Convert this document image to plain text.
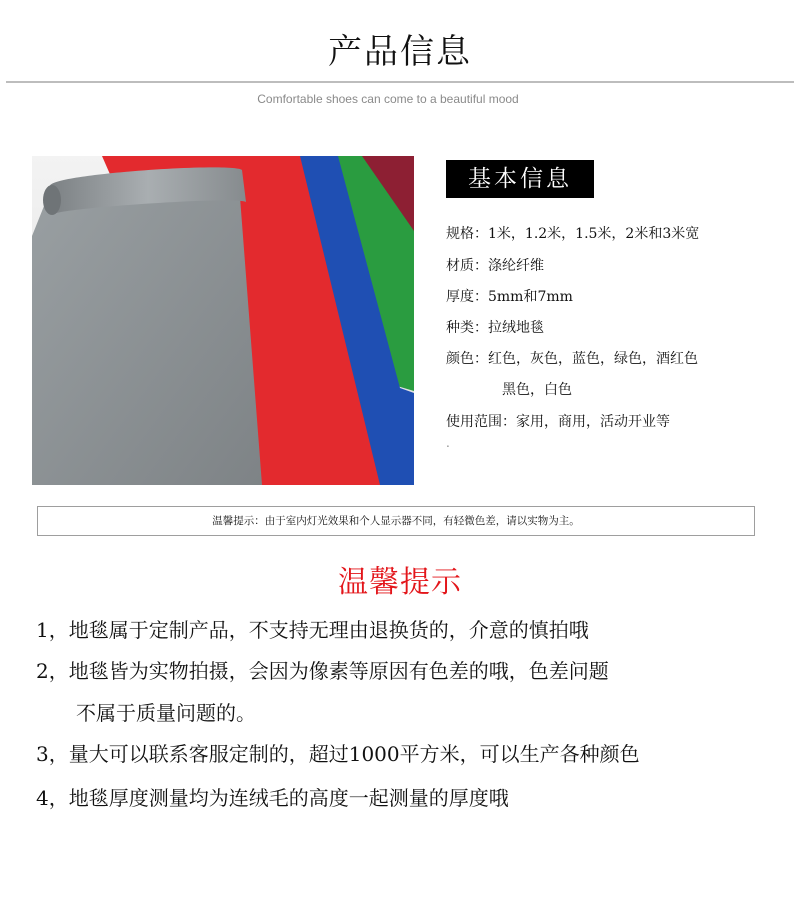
产品信息
Comfortable shoes can come to a beautiful mood
基本信息
规格：1米，1.2米，1.5米，2米和3米宽
材质：涤纶纤维
厚度：5mm和7mm
种类：拉绒地毯
颜色：红色，灰色，蓝色，绿色，酒红色
黑色，白色
使用范围：家用，商用，活动开业等
.
温馨提示：由于室内灯光效果和个人显示器不同，有轻微色差，请以实物为主。
温馨提示
1，地毯属于定制产品，不支持无理由退换货的，介意的慎拍哦
2，地毯皆为实物拍摄，会因为像素等原因有色差的哦，色差问题
不属于质量问题的。
3，量大可以联系客服定制的，超过1000平方米，可以生产各种颜色
4，地毯厚度测量均为连绒毛的高度一起测量的厚度哦
